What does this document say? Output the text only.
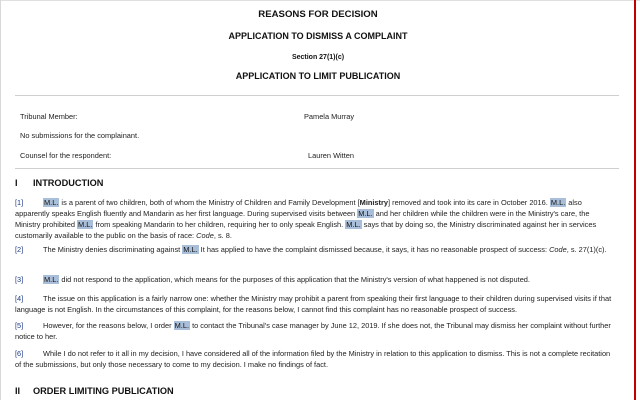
REASONS FOR DECISION
APPLICATION TO DISMISS A COMPLAINT
Section 27(1)(c)
APPLICATION TO LIMIT PUBLICATION
Tribunal Member:	Pamela Murray
No submissions for the complainant.
Counsel for the respondent:	Lauren Witten
I INTRODUCTION
[1]	M.L. is a parent of two children, both of whom the Ministry of Children and Family Development [Ministry] removed and took into its care in October 2016. M.L. also apparently speaks English fluently and Mandarin as her first language. During supervised visits between M.L. and her children while the children were in the Ministry's care, the Ministry prohibited M.L. from speaking Mandarin to her children, requiring her to only speak English. M.L. says that by doing so, the Ministry discriminated against her in services customarily available to the public on the basis of race: Code, s. 8.
[2]	The Ministry denies discriminating against M.L. It has applied to have the complaint dismissed because, it says, it has no reasonable prospect of success: Code, s. 27(1)(c).
[3]	M.L. did not respond to the application, which means for the purposes of this application that the Ministry's version of what happened is not disputed.
[4]	The issue on this application is a fairly narrow one: whether the Ministry may prohibit a parent from speaking their first language to their children during supervised visits if that language is not English. In the circumstances of this complaint, for the reasons below, I cannot find this complaint has no reasonable prospect of success.
[5]	However, for the reasons below, I order M.L. to contact the Tribunal's case manager by June 12, 2019. If she does not, the Tribunal may dismiss her complaint without further notice to her.
[6]	While I do not refer to it all in my decision, I have considered all of the information filed by the Ministry in relation to this application to dismiss. This is not a complete recitation of the submissions, but only those necessary to come to my decision. I make no findings of fact.
II ORDER LIMITING PUBLICATION
